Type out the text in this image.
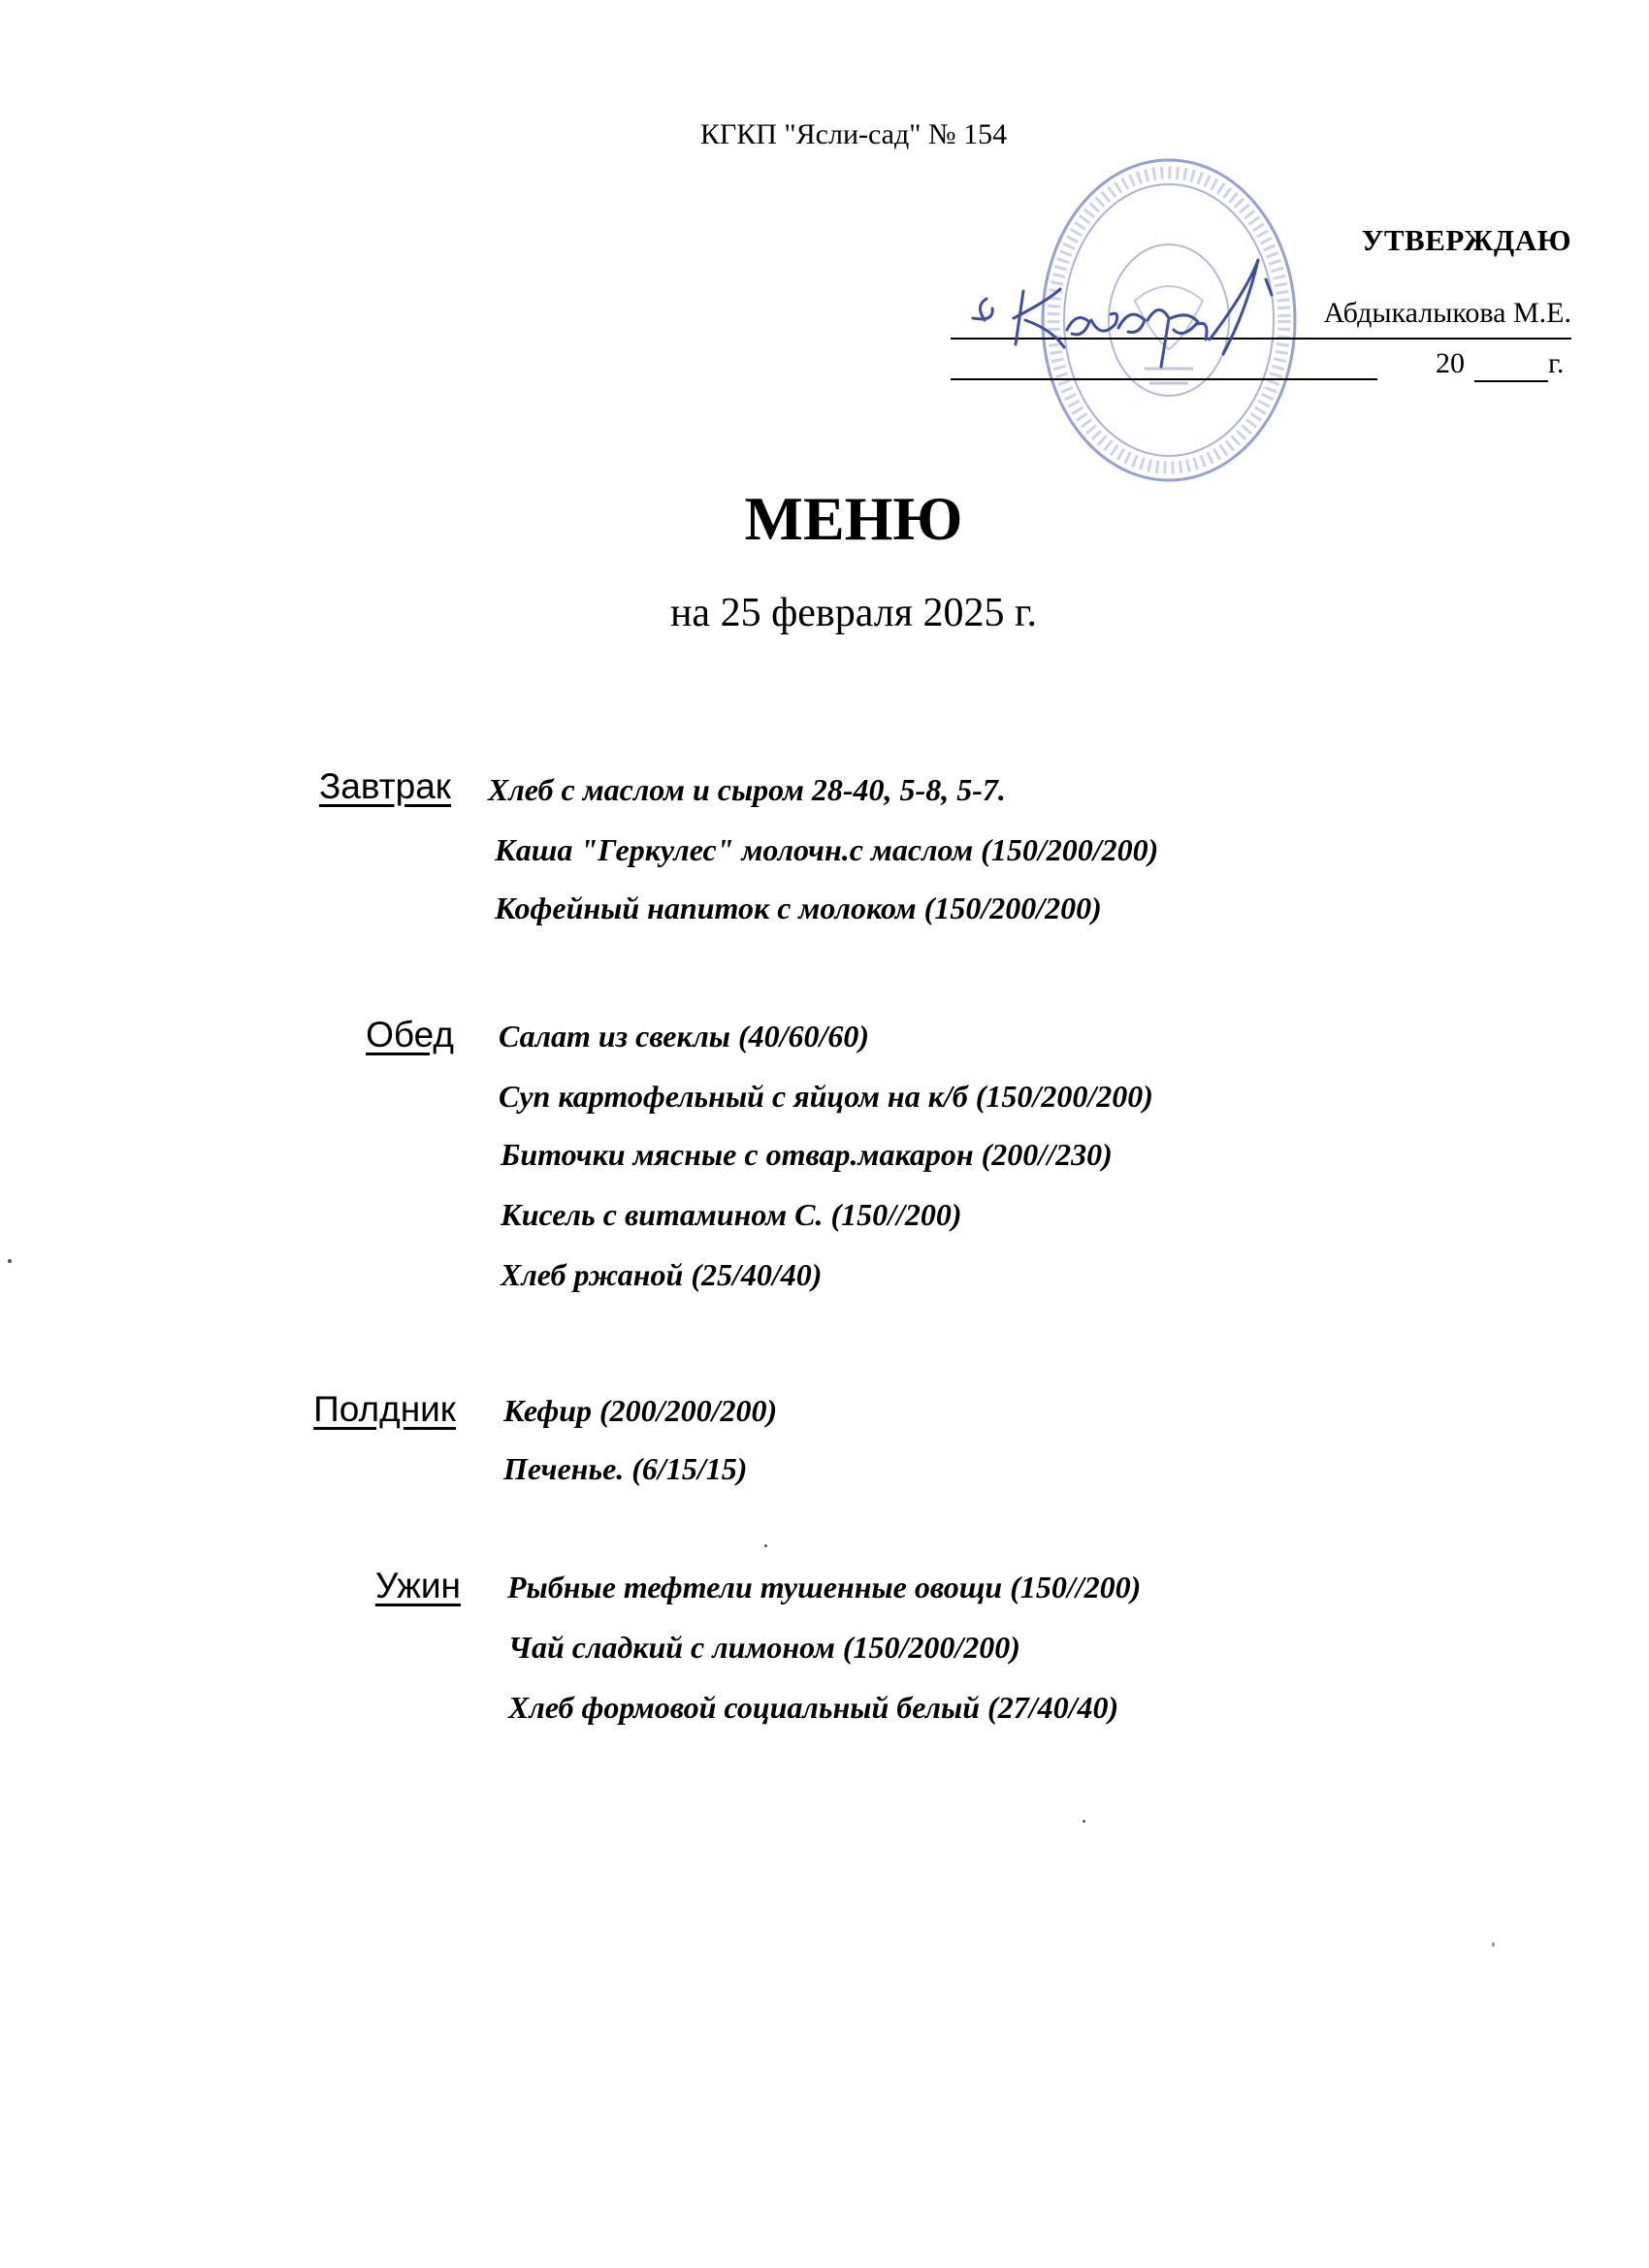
КГКП "Ясли-сад" № 154
УТВЕРЖДАЮ
Абдыкалыкова М.Е.
20	г.
МЕНЮ
на 25 февраля 2025 г.
Завтрак Хлеб с маслом и сыром 28-40, 5-8, 5-7.
Каша "Геркулес" молочн.с маслом (150/200/200)
Кофейный напиток с молоком (150/200/200)
Обед Салат из свеклы (40/60/60)
Суп картофельный с яйцом на к/б (150/200/200)
Биточки мясные с отвар.макарон (200//230)
Кисель с витамином С. (150//200)
Хлеб ржаной (25/40/40)
Полдник Кефир (200/200/200)
Печенье. (6/15/15)
Ужин Рыбные тефтели тушенные овощи (150//200)
Чай сладкий с лимоном (150/200/200)
Хлеб формовой социальный белый (27/40/40)
